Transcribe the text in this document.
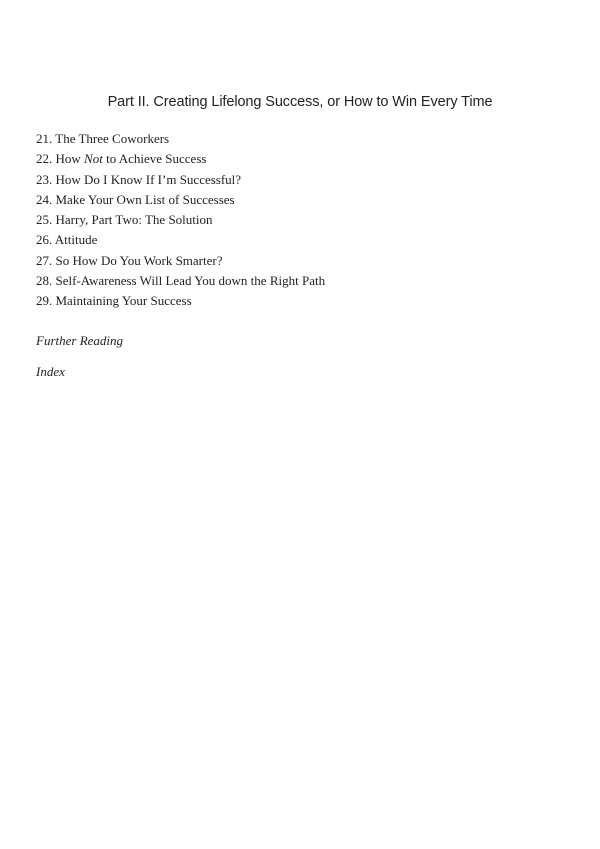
Part II. Creating Lifelong Success, or How to Win Every Time
21. The Three Coworkers
22. How Not to Achieve Success
23. How Do I Know If I’m Successful?
24. Make Your Own List of Successes
25. Harry, Part Two: The Solution
26. Attitude
27. So How Do You Work Smarter?
28. Self-Awareness Will Lead You down the Right Path
29. Maintaining Your Success

Further Reading

Index
